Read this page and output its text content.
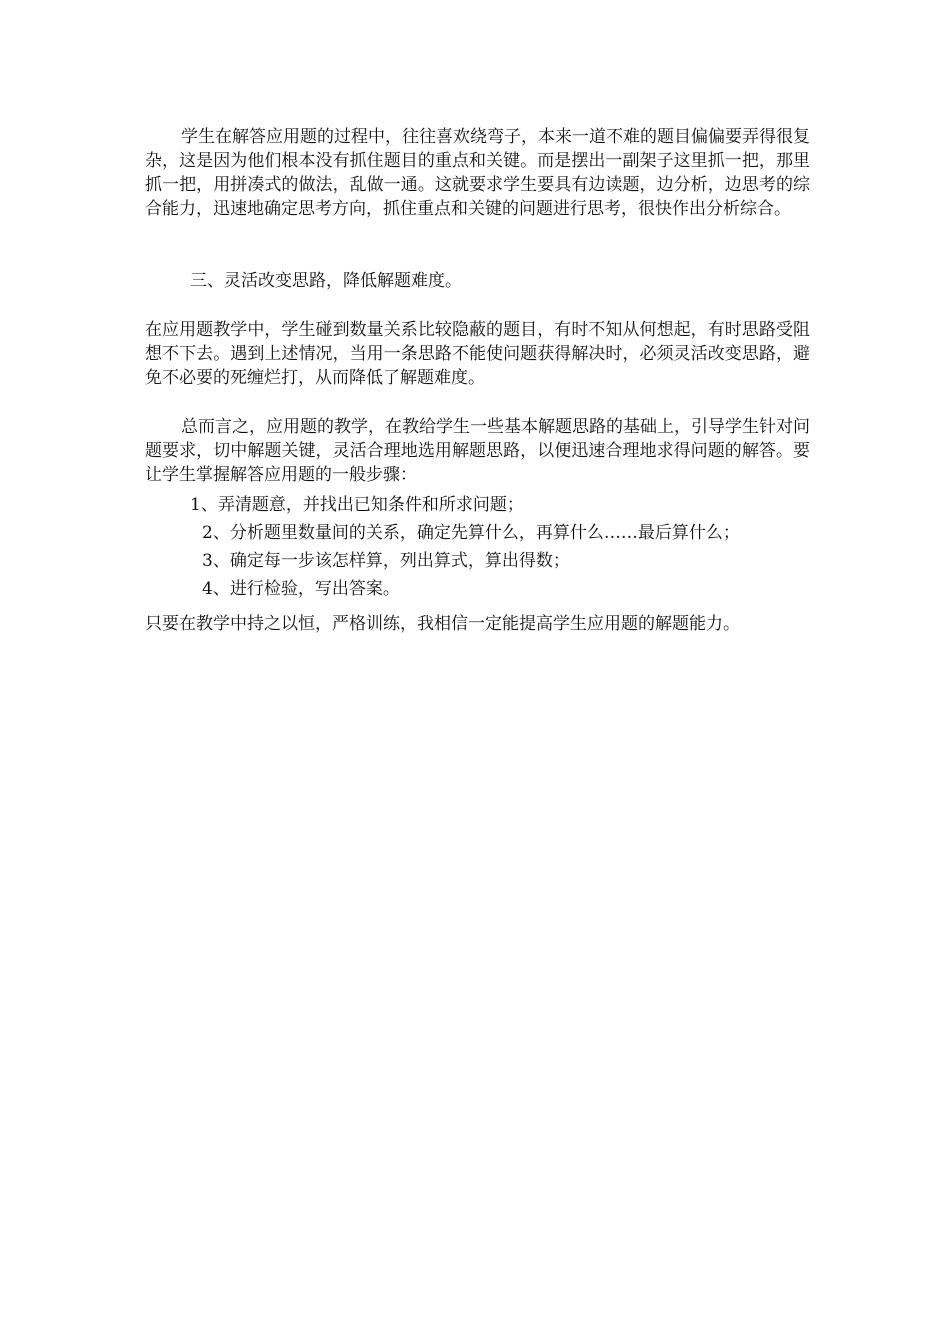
学生在解答应用题的过程中，往往喜欢绕弯子，本来一道不难的题目偏偏要弄得很复杂，这是因为他们根本没有抓住题目的重点和关键。而是摆出一副架子这里抓一把，那里抓一把，用拼凑式的做法，乱做一通。这就要求学生要具有边读题，边分析，边思考的综合能力，迅速地确定思考方向，抓住重点和关键的问题进行思考，很快作出分析综合。

三、灵活改变思路，降低解题难度。

在应用题教学中，学生碰到数量关系比较隐蔽的题目，有时不知从何想起，有时思路受阻想不下去。遇到上述情况，当用一条思路不能使问题获得解决时，必须灵活改变思路，避免不必要的死缠烂打，从而降低了解题难度。

总而言之，应用题的教学，在教给学生一些基本解题思路的基础上，引导学生针对问题要求，切中解题关键，灵活合理地选用解题思路，以便迅速合理地求得问题的解答。要让学生掌握解答应用题的一般步骤：

1、弄清题意，并找出已知条件和所求问题；
2、分析题里数量间的关系，确定先算什么，再算什么……最后算什么；
3、确定每一步该怎样算，列出算式，算出得数；
4、进行检验，写出答案。

只要在教学中持之以恒，严格训练，我相信一定能提高学生应用题的解题能力。
